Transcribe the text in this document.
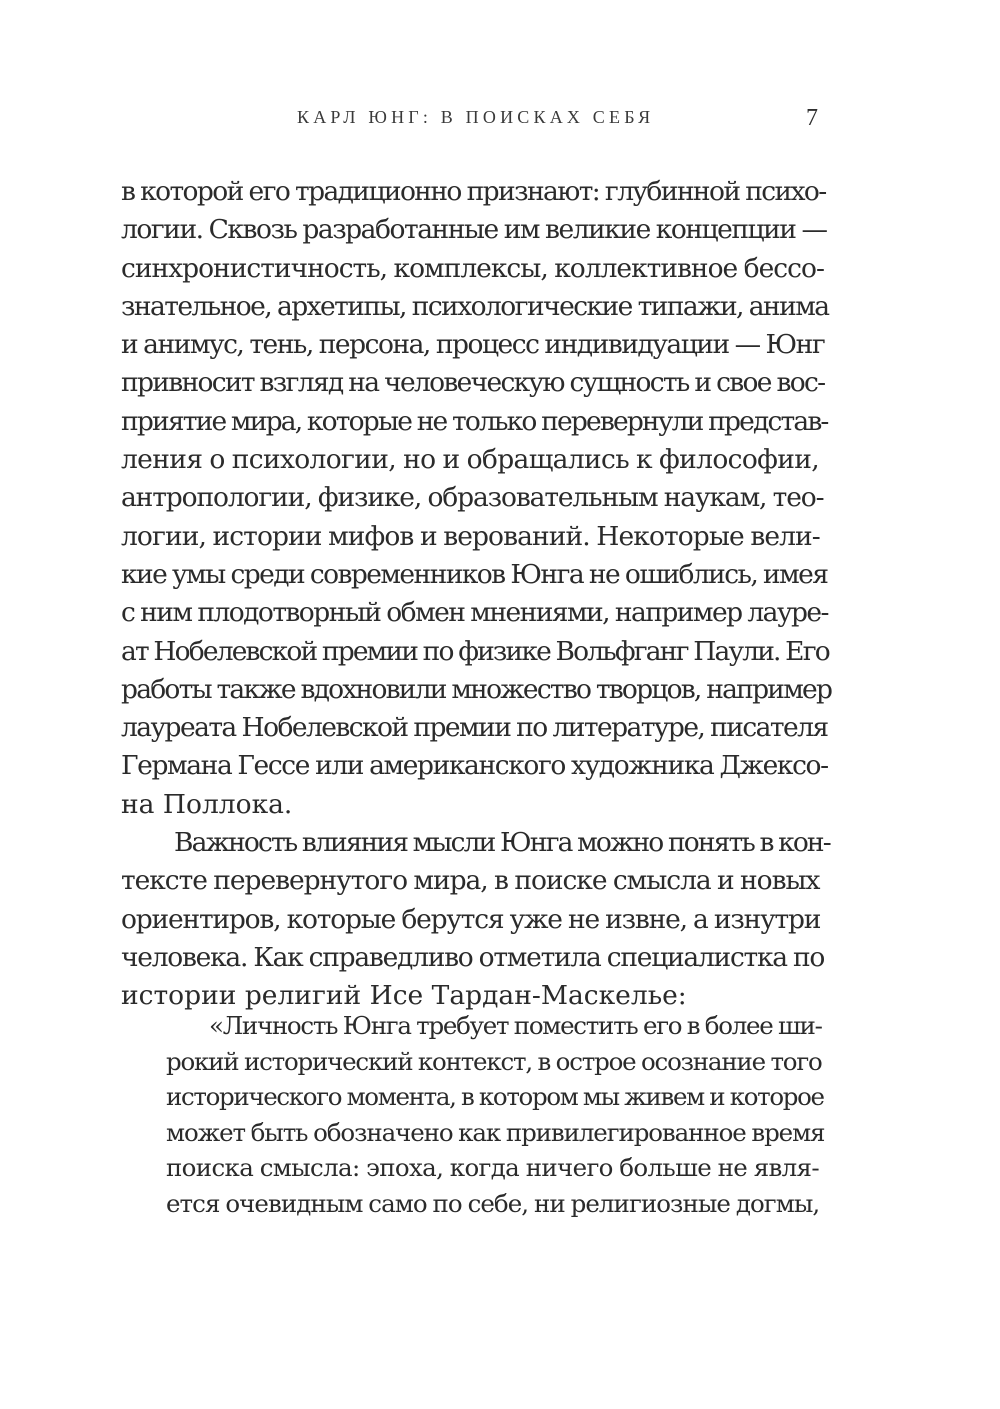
КАРЛ ЮНГ: В ПОИСКАХ СЕБЯ	7
в которой его традиционно признают: глубинной психо-
логии. Сквозь разработанные им великие концепции —
синхронистичность, комплексы, коллективное бессо-
знательное, архетипы, психологические типажи, анима
и анимус, тень, персона, процесс индивидуации — Юнг
привносит взгляд на человеческую сущность и свое вос-
приятие мира, которые не только перевернули представ-
ления о психологии, но и обращались к философии,
антропологии, физике, образовательным наукам, тео-
логии, истории мифов и верований. Некоторые вели-
кие умы среди современников Юнга не ошиблись, имея
с ним плодотворный обмен мнениями, например лауре-
ат Нобелевской премии по физике Вольфганг Паули. Его
работы также вдохновили множество творцов, например
лауреата Нобелевской премии по литературе, писателя
Германа Гессе или американского художника Джексо-
на Поллока.
Важность влияния мысли Юнга можно понять в кон-
тексте перевернутого мира, в поиске смысла и новых
ориентиров, которые берутся уже не извне, а изнутри
человека. Как справедливо отметила специалистка по
истории религий Исе Тардан-Маскелье:
«Личность Юнга требует поместить его в более ши-
рокий исторический контекст, в острое осознание того
исторического момента, в котором мы живем и которое
может быть обозначено как привилегированное время
поиска смысла: эпоха, когда ничего больше не явля-
ется очевидным само по себе, ни религиозные догмы,
